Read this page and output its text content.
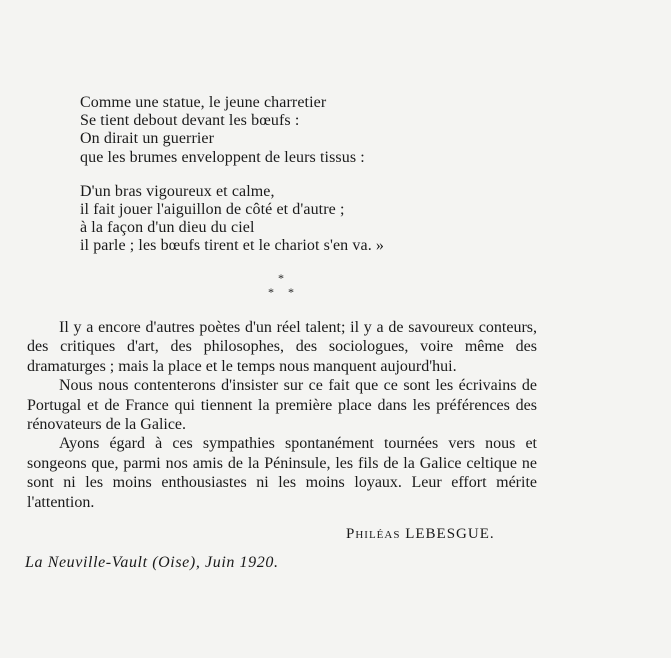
Comme une statue, le jeune charretier
Se tient debout devant les bœufs :
On dirait un guerrier
que les brumes enveloppent de leurs tissus :
D'un bras vigoureux et calme,
il fait jouer l'aiguillon de côté et d'autre ;
à la façon d'un dieu du ciel
il parle ; les bœufs tirent et le chariot s'en va. »
*
* *

Il y a encore d'autres poètes d'un réel talent; il y a de savoureux conteurs, des critiques d'art, des philosophes, des sociologues, voire même des dramaturges ; mais la place et le temps nous manquent aujourd'hui.

Nous nous contenterons d'insister sur ce fait que ce sont les écrivains de Portugal et de France qui tiennent la première place dans les préférences des rénovateurs de la Galice.

Ayons égard à ces sympathies spontanément tournées vers nous et songeons que, parmi nos amis de la Péninsule, les fils de la Galice celtique ne sont ni les moins enthousiastes ni les moins loyaux. Leur effort mérite l'attention.

Philéas LEBESGUE.
La Neuville-Vault (Oise), Juin 1920.
